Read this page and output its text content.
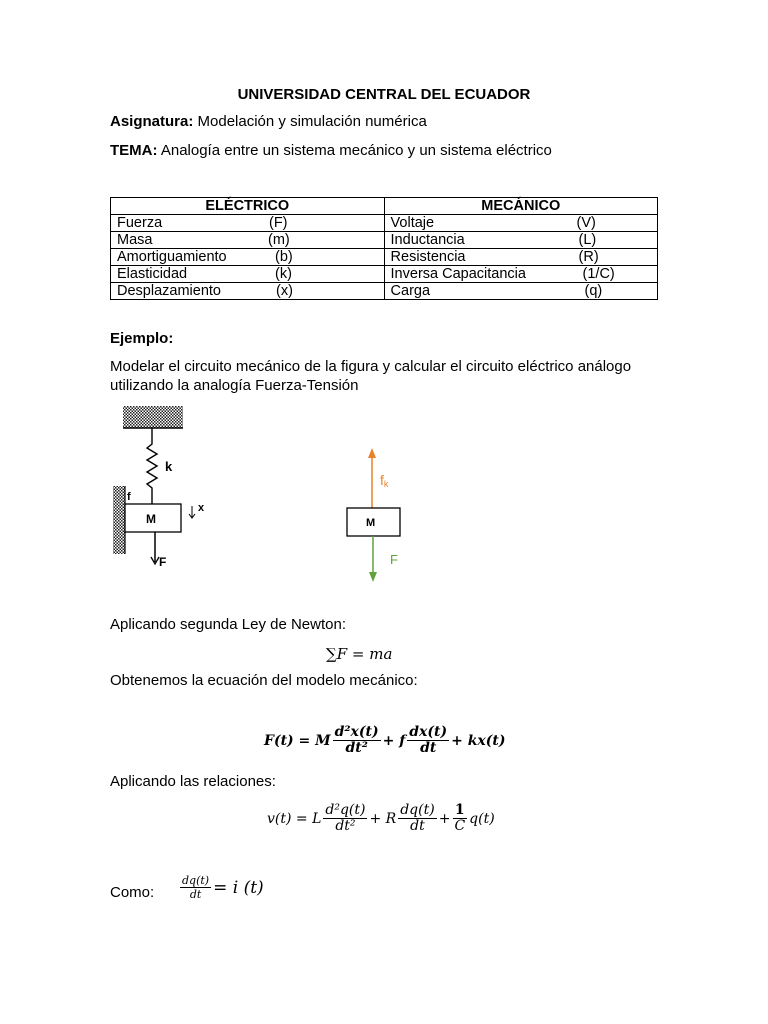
UNIVERSIDAD CENTRAL DEL ECUADOR
Asignatura: Modelación y simulación numérica
TEMA: Analogía entre un sistema mecánico y un sistema eléctrico
ELÉCTRICO	MECÁNICO

Fuerza (F)	Voltaje (V)

Masa (m)	Inductancia (L)

Amortiguamiento (b)	Resistencia (R)

Elasticidad (k)	Inversa Capacitancia (1/C)

Desplazamiento (x)	Carga (q)
Ejemplo:
Modelar el circuito mecánico de la figura y calcular el circuito eléctrico análogo
utilizando la analogía Fuerza-Tensión
k
f
M
x
F
fk
M
F
Aplicando segunda Ley de Newton:
∑F = ma
Obtenemos la ecuación del modelo mecánico:
F(t) = M $\frac{\text{d²x(t)}}{\text{dt²}} + f \frac{dx(t)}{dt} + kx(t)$
Aplicando las relaciones:
v(t) = L $\frac{\text{d²q(t)}}{\text{dt²}} + R \frac{dq(t)}{dt} + \frac{1}{C} q(t)$
Como: $\frac{dq(t)}{dt} = i$ (t)
